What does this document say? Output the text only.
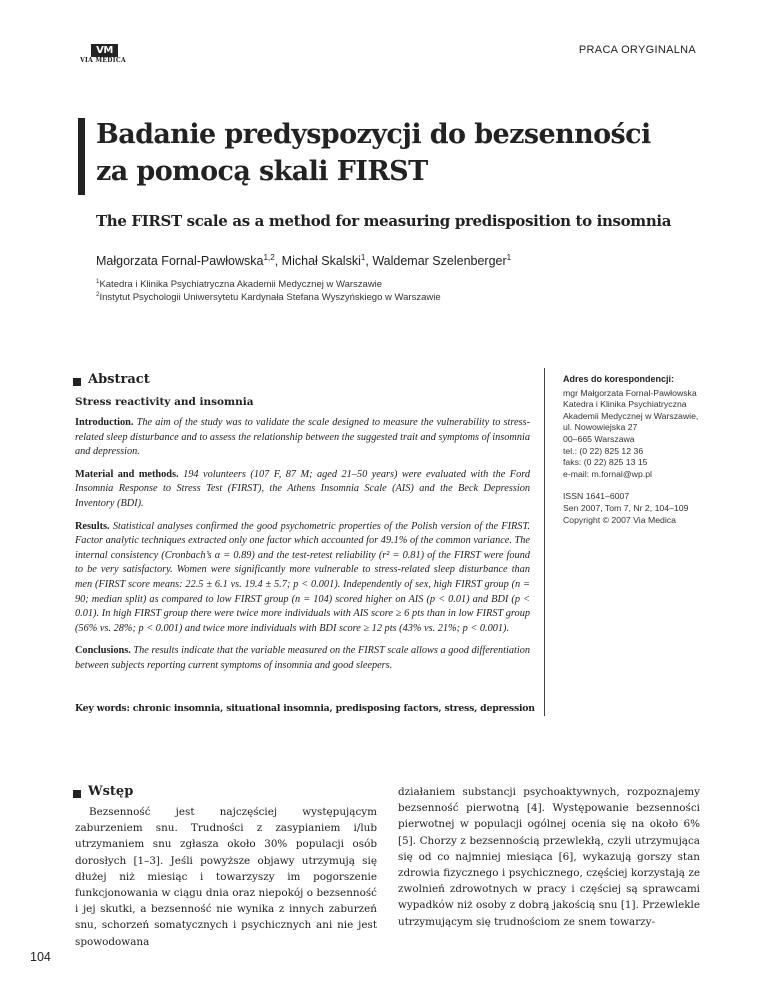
VM
VIA MEDICA
PRACA ORYGINALNA
Badanie predyspozycji do bezsenności
za pomocą skali FIRST
The FIRST scale as a method for measuring predisposition to insomnia
Małgorzata Fornal-Pawłowska$^{1,2}$, Michał Skalski$^1$, Waldemar Szelenberger$^1$
$^1$Katedra i Klinika Psychiatryczna Akademii Medycznej w Warszawie
$^2$Instytut Psychologii Uniwersytetu Kardynała Stefana Wyszyńskiego w Warszawie
Abstract
Stress reactivity and insomnia

Introduction. The aim of the study was to validate the scale designed to measure the vulnerability to stress-related sleep disturbance and to assess the relationship between the suggested trait and symptoms of insomnia and depression.

Material and methods. 194 volunteers (107 F, 87 M; aged 21–50 years) were evaluated with the Ford Insomnia Response to Stress Test (FIRST), the Athens Insomnia Scale (AIS) and the Beck Depression Inventory (BDI).

Results. Statistical analyses confirmed the good psychometric properties of the Polish version of the FIRST. Factor analytic techniques extracted only one factor which accounted for 49.1% of the common variance. The internal consistency (Cronbach’s α = 0.89) and the test-retest reliability (r² = 0.81) of the FIRST were found to be very satisfactory. Women were significantly more vulnerable to stress-related sleep disturbance than men (FIRST score means: 22.5 ± 6.1 vs. 19.4 ± 5.7; p < 0.001). Independently of sex, high FIRST group (n = 90; median split) as compared to low FIRST group (n = 104) scored higher on AIS (p < 0.01) and BDI (p < 0.01). In high FIRST group there were twice more individuals with AIS score ≥ 6 pts than in low FIRST group (56% vs. 28%; p < 0.001) and twice more individuals with BDI score ≥ 12 pts (43% vs. 21%; p < 0.001).

Conclusions. The results indicate that the variable measured on the FIRST scale allows a good differentiation between subjects reporting current symptoms of insomnia and good sleepers.

Key words: chronic insomnia, situational insomnia, predisposing factors, stress, depression
Adres do korespondencji:
mgr Małgorzata Fornal-Pawłowska
Katedra i Klinika Psychiatryczna
Akademii Medycznej w Warszawie,
ul. Nowowiejska 27
00–665 Warszawa
tel.: (0 22) 825 12 36
faks: (0 22) 825 13 15
e-mail: m.fornal@wp.pl
ISSN 1641–6007
Sen 2007, Tom 7, Nr 2, 104–109
Copyright © 2007 Via Medica
Wstęp

Bezsenność jest najczęściej występującym zaburzeniem snu. Trudności z zasypianiem i/lub utrzymaniem snu zgłasza około 30% populacji osób dorosłych [1–3]. Jeśli powyższe objawy utrzymują się dłużej niż miesiąc i towarzyszy im pogorszenie funkcjonowania w ciągu dnia oraz niepokój o bezsenność i jej skutki, a bezsenność nie wynika z innych zaburzeń snu, schorzeń somatycznych i psychicznych ani nie jest spowodowana

działaniem substancji psychoaktywnych, rozpoznajemy bezsenność pierwotną [4]. Występowanie bezsenności pierwotnej w populacji ogólnej ocenia się na około 6% [5]. Chorzy z bezsennością przewlekłą, czyli utrzymująca się od co najmniej miesiąca [6], wykazują gorszy stan zdrowia fizycznego i psychicznego, częściej korzystają ze zwolnień zdrowotnych w pracy i częściej są sprawcami wypadków niż osoby z dobrą jakością snu [1]. Przewlekle utrzymującym się trudnościom ze snem towarzy-

104
